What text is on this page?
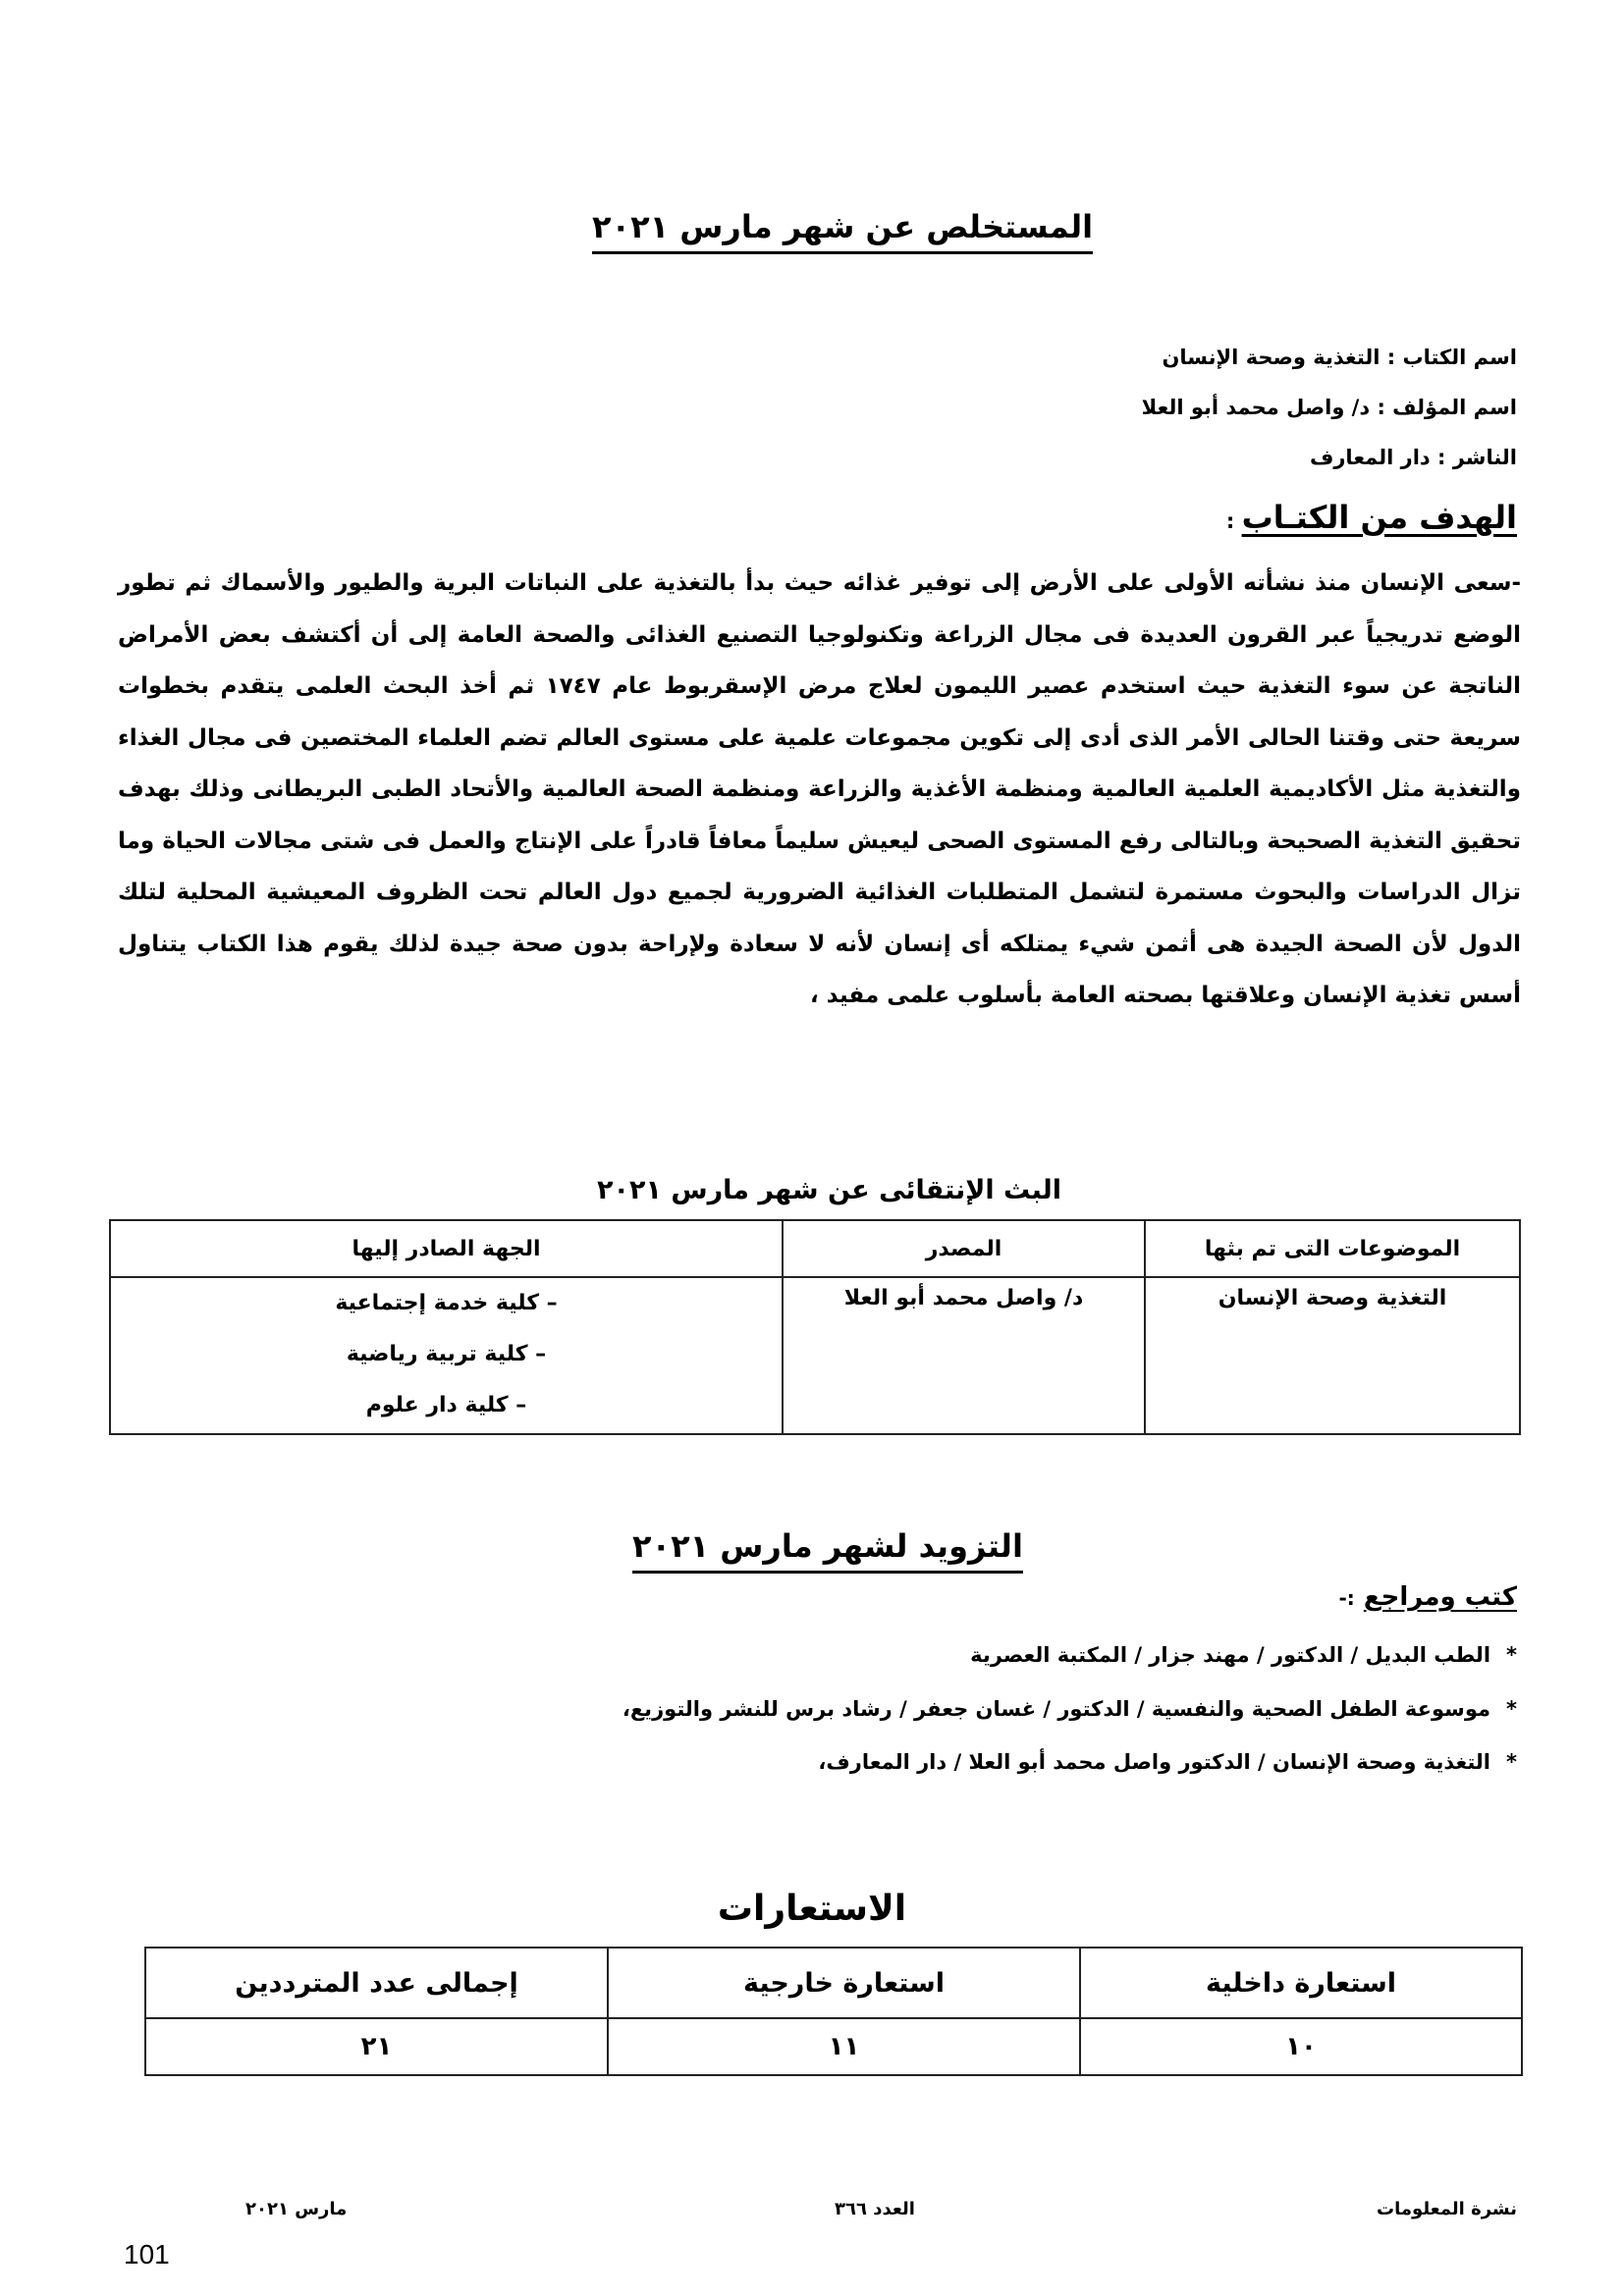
المستخلص عن شهر مارس ٢٠٢١
اسم الكتاب : التغذية وصحة الإنسان
اسم المؤلف : د/ واصل محمد أبو العلا
الناشر : دار المعارف
الهدف من الكتـاب :
-سعى الإنسان منذ نشأته الأولى على الأرض إلى توفير غذائه حيث بدأ بالتغذية على النباتات البرية والطيور والأسماك ثم تطور الوضع تدريجياً عبر القرون العديدة فى مجال الزراعة وتكنولوجيا التصنيع الغذائى والصحة العامة إلى أن أكتشف بعض الأمراض الناتجة عن سوء التغذية حيث استخدم عصير الليمون لعلاج مرض الإسقربوط عام ١٧٤٧ ثم أخذ البحث العلمى يتقدم بخطوات سريعة حتى وقتنا الحالى الأمر الذى أدى إلى تكوين مجموعات علمية على مستوى العالم تضم العلماء المختصين فى مجال الغذاء والتغذية مثل الأكاديمية العلمية العالمية ومنظمة الأغذية والزراعة ومنظمة الصحة العالمية والأتحاد الطبى البريطانى وذلك بهدف تحقيق التغذية الصحيحة وبالتالى رفع المستوى الصحى ليعيش سليماً معافاً قادراً على الإنتاج والعمل فى شتى مجالات الحياة وما تزال الدراسات والبحوث مستمرة لتشمل المتطلبات الغذائية الضرورية لجميع دول العالم تحت الظروف المعيشية المحلية لتلك الدول لأن الصحة الجيدة هى أثمن شيء يمتلكه أى إنسان لأنه لا سعادة ولإراحة بدون صحة جيدة لذلك يقوم هذا الكتاب يتناول أسس تغذية الإنسان وعلاقتها بصحته العامة بأسلوب علمى مفيد ،
البث الإنتقائى عن شهر مارس ٢٠٢١
الموضوعات التى تم بثها	المصدر	الجهة الصادر إليها
التغذية وصحة الإنسان	د/ واصل محمد أبو العلا	– كلية خدمة إجتماعية
– كلية تربية رياضية
– كلية دار علوم
التزويد لشهر مارس ٢٠٢١
كتب ومراجع :-
*الطب البديل / الدكتور / مهند جزار / المكتبة العصرية
*موسوعة الطفل الصحية والنفسية / الدكتور / غسان جعفر / رشاد برس للنشر والتوزيع،
*التغذية وصحة الإنسان / الدكتور واصل محمد أبو العلا / دار المعارف،
الاستعارات
استعارة داخلية	استعارة خارجية	إجمالى عدد المترددين
١٠	١١	٢١
نشرة المعلومات
العدد ٣٦٦
مارس ٢٠٢١
101
